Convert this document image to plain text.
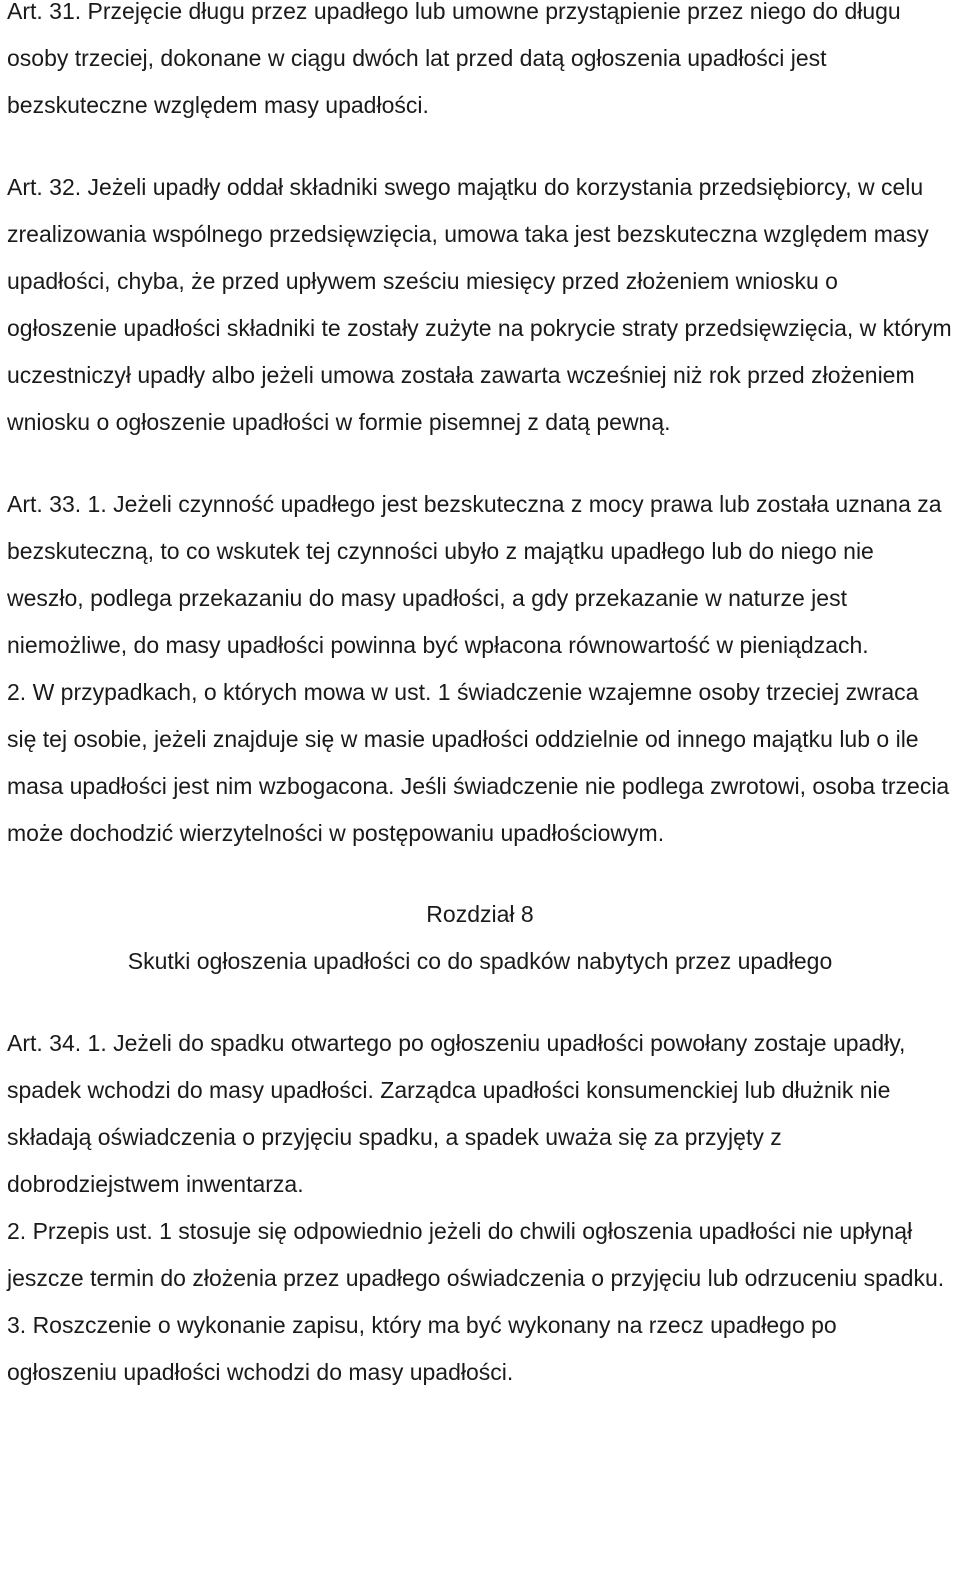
Art. 31. Przejęcie długu przez upadłego lub umowne przystąpienie przez niego do długu osoby trzeciej, dokonane w ciągu dwóch lat przed datą ogłoszenia upadłości jest bezskuteczne względem masy upadłości.

Art. 32. Jeżeli upadły oddał składniki swego majątku do korzystania przedsiębiorcy, w celu zrealizowania wspólnego przedsięwzięcia, umowa taka jest bezskuteczna względem masy upadłości, chyba, że przed upływem sześciu miesięcy przed złożeniem wniosku o ogłoszenie upadłości składniki te zostały zużyte na pokrycie straty przedsięwzięcia, w którym uczestniczył upadły albo jeżeli umowa została zawarta wcześniej niż rok przed złożeniem wniosku o ogłoszenie upadłości w formie pisemnej z datą pewną.

Art. 33. 1. Jeżeli czynność upadłego jest bezskuteczna z mocy prawa lub została uznana za bezskuteczną, to co wskutek tej czynności ubyło z majątku upadłego lub do niego nie weszło, podlega przekazaniu do masy upadłości, a gdy przekazanie w naturze jest niemożliwe, do masy upadłości powinna być wpłacona równowartość w pieniądzach.

2. W przypadkach, o których mowa w ust. 1 świadczenie wzajemne osoby trzeciej zwraca się tej osobie, jeżeli znajduje się w masie upadłości oddzielnie od innego majątku lub o ile masa upadłości jest nim wzbogacona. Jeśli świadczenie nie podlega zwrotowi, osoba trzecia może dochodzić wierzytelności w postępowaniu upadłościowym.

Rozdział 8

Skutki ogłoszenia upadłości co do spadków nabytych przez upadłego

Art. 34. 1. Jeżeli do spadku otwartego po ogłoszeniu upadłości powołany zostaje upadły, spadek wchodzi do masy upadłości. Zarządca upadłości konsumenckiej lub dłużnik nie składają oświadczenia o przyjęciu spadku, a spadek uważa się za przyjęty z dobrodziejstwem inwentarza.

2. Przepis ust. 1 stosuje się odpowiednio jeżeli do chwili ogłoszenia upadłości nie upłynął jeszcze termin do złożenia przez upadłego oświadczenia o przyjęciu lub odrzuceniu spadku.

3. Roszczenie o wykonanie zapisu, który ma być wykonany na rzecz upadłego po ogłoszeniu upadłości wchodzi do masy upadłości.
